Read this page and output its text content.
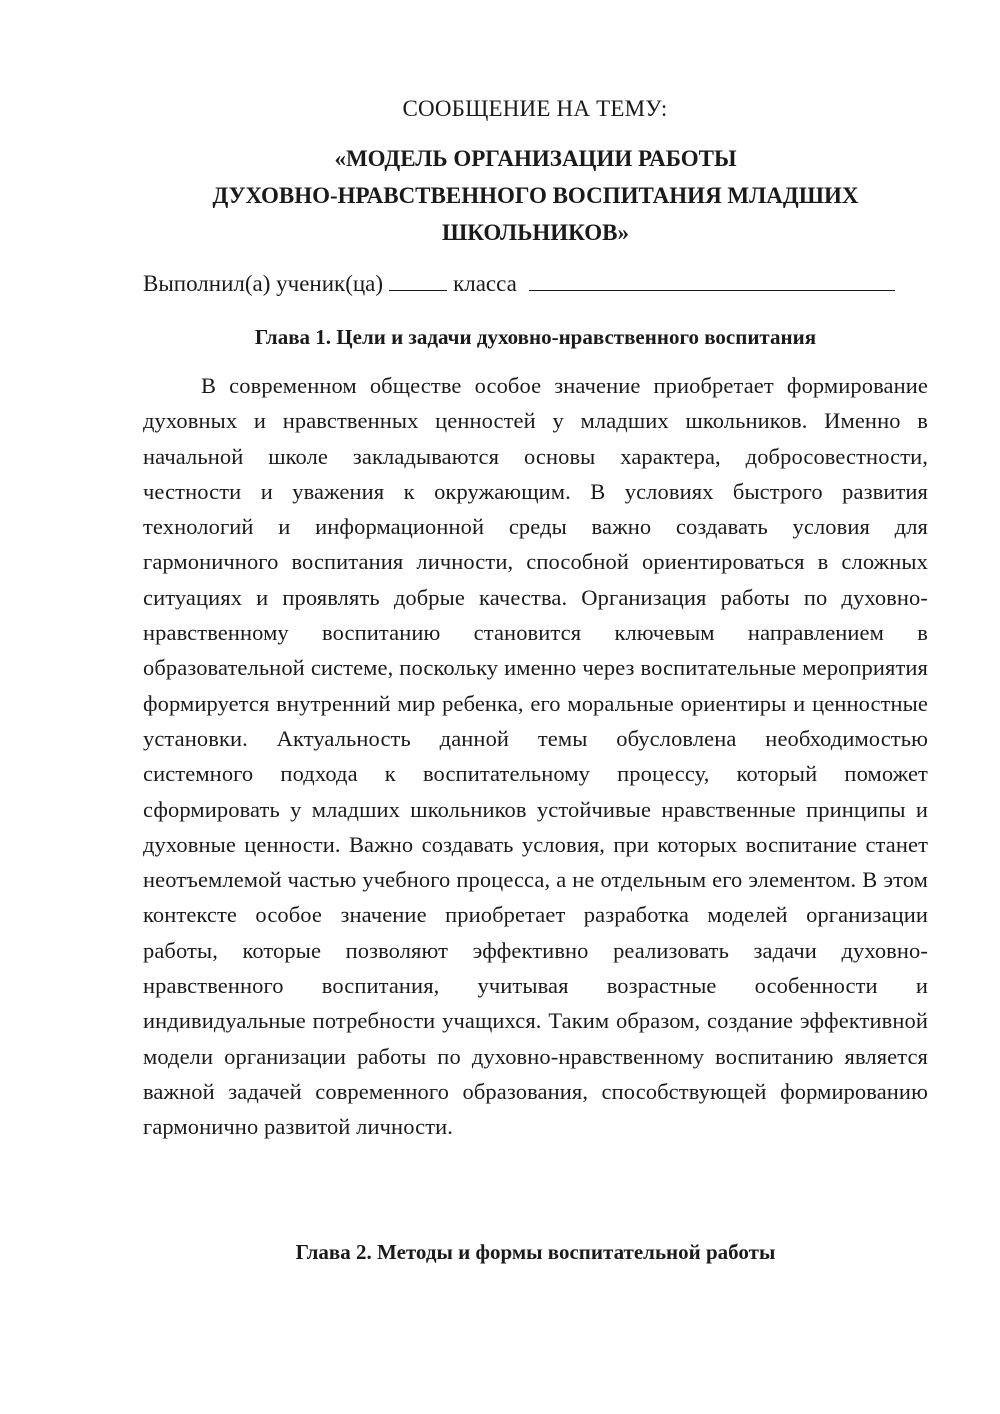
СООБЩЕНИЕ НА ТЕМУ:
«МОДЕЛЬ ОРГАНИЗАЦИИ РАБОТЫ
ДУХОВНО-НРАВСТВЕННОГО ВОСПИТАНИЯ МЛАДШИХ
ШКОЛЬНИКОВ»
Выполнил(а) ученик(ца)	класса
Глава 1. Цели и задачи духовно-нравственного воспитания

В современном обществе особое значение приобретает формирование духовных и нравственных ценностей у младших школьников. Именно в начальной школе закладываются основы характера, добросовестности, честности и уважения к окружающим. В условиях быстрого развития технологий и информационной среды важно создавать условия для гармоничного воспитания личности, способной ориентироваться в сложных ситуациях и проявлять добрые качества. Организация работы по духовно-нравственному воспитанию становится ключевым направлением в образовательной системе, поскольку именно через воспитательные мероприятия формируется внутренний мир ребенка, его моральные ориентиры и ценностные установки. Актуальность данной темы обусловлена необходимостью системного подхода к воспитательному процессу, который поможет сформировать у младших школьников устойчивые нравственные принципы и духовные ценности. Важно создавать условия, при которых воспитание станет неотъемлемой частью учебного процесса, а не отдельным его элементом. В этом контексте особое значение приобретает разработка моделей организации работы, которые позволяют эффективно реализовать задачи духовно-нравственного воспитания, учитывая возрастные особенности и индивидуальные потребности учащихся. Таким образом, создание эффективной модели организации работы по духовно-нравственному воспитанию является важной задачей современного образования, способствующей формированию гармонично развитой личности.

Глава 2. Методы и формы воспитательной работы
